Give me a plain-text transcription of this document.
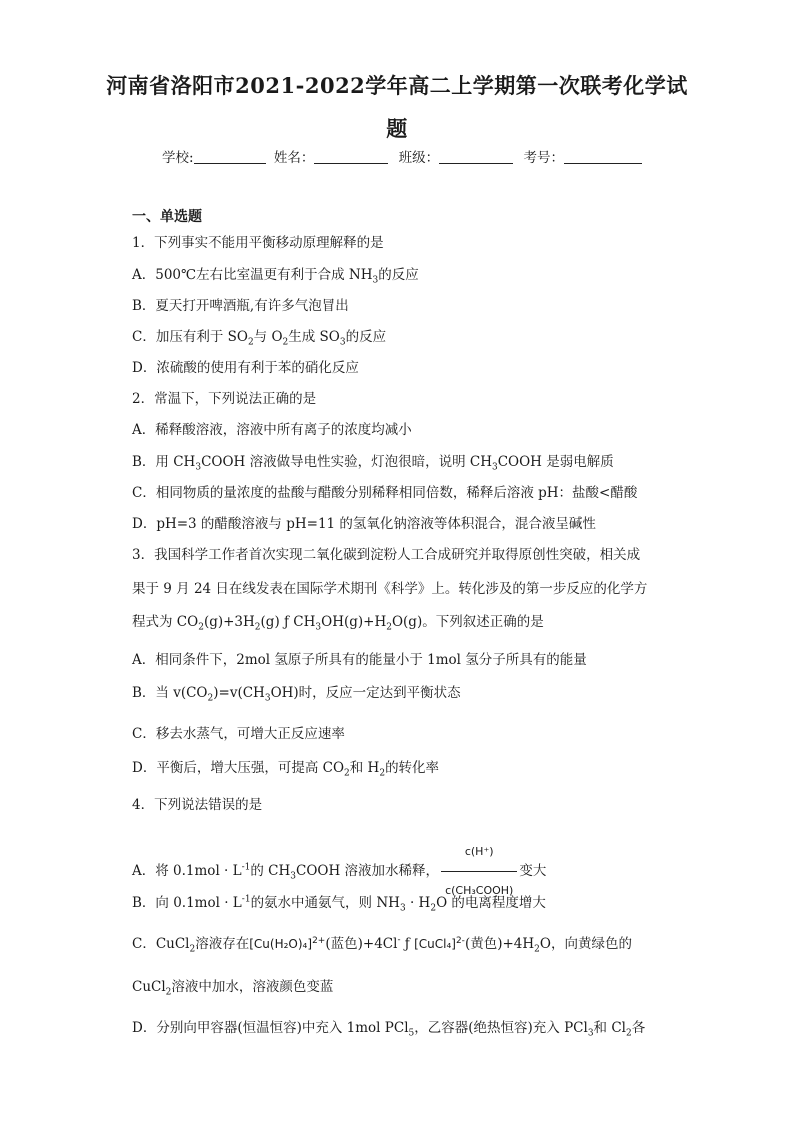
河南省洛阳市2021-2022学年高二上学期第一次联考化学试
题
学校:	姓名：	班级：	考号：
一、单选题
1．下列事实不能用平衡移动原理解释的是
A．500℃左右比室温更有利于合成 $NH_3$的反应
B．夏天打开啤酒瓶,有许多气泡冒出
C．加压有利于 $SO_2$与 $O_2$生成 $SO_3$的反应
D．浓硫酸的使用有利于苯的硝化反应
2．常温下，下列说法正确的是
A．稀释酸溶液，溶液中所有离子的浓度均减小
B．用 $CH_3COOH$ 溶液做导电性实验，灯泡很暗，说明 $CH_3COOH$ 是弱电解质
C．相同物质的量浓度的盐酸与醋酸分别稀释相同倍数，稀释后溶液 pH：盐酸<醋酸
D．pH=3 的醋酸溶液与 pH=11 的氢氧化钠溶液等体积混合，混合液呈碱性
3．我国科学工作者首次实现二氧化碳到淀粉人工合成研究并取得原创性突破，相关成
果于 9 月 24 日在线发表在国际学术期刊《科学》上。转化涉及的第一步反应的化学方
程式为 $CO_2(g)+3H_2(g)$ ƒ $CH_3OH(g)+H_2O(g)$。下列叙述正确的是
A．相同条件下，2mol 氢原子所具有的能量小于 1mol 氢分子所具有的能量
B．当 $v(CO_2)=v(CH_3OH)$时，反应一定达到平衡状态
C．移去水蒸气，可增大正反应速率
D．平衡后，增大压强，可提高 $CO_2$和 $H_2$的转化率
4．下列说法错误的是
A．将 $0.1mol \cdot L^{-1}$的 $CH_3COOH$ 溶液加水稀释， $\frac{c(H^+)}{\text{c(CH₃COOH)}}$ 变大
B．向 $0.1mol \cdot L^{-1}$的氨水中通氨气，则 $NH_3 \cdot H_2O$ 的电离程度增大
C．CuCl$_2$溶液存在$[Cu(H_2O)_4]^{2+}$(蓝色)+4Cl- ƒ [CuCl₄]$^{2-}$(黄色)$+4H_2O$，向黄绿色的
CuCl$_2$溶液中加水，溶液颜色变蓝
D．分别向甲容器(恒温恒容)中充入 1mol PCl$_5$，乙容器(绝热恒容)充入 PCl$_3$和 $Cl_2$各
